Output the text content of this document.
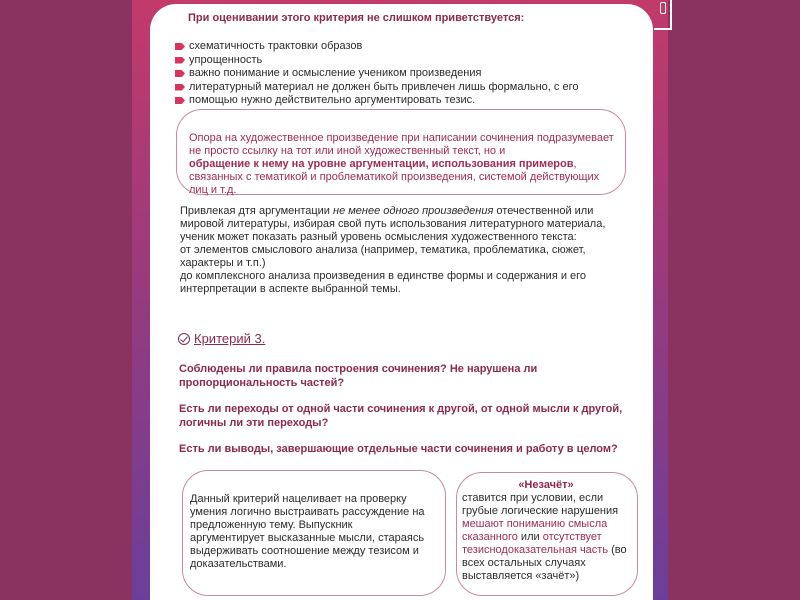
При оценивании этого критерия не слишком приветствуется:
схематичность трактовки образов
упрощенность
важно понимание и осмысление учеником произведения
литературный материал не должен быть привлечен лишь формально, с его
помощью нужно действительно аргументировать тезис.
Опора на художественное произведение при написании сочинения подразумевает не просто ссылку на тот или иной художественный текст, но и
обращение к нему на уровне аргументации, использования примеров, связанных с тематикой и проблематикой произведения, системой действующих лиц и т.д.
Привлекая дтя аргументации не менее одного произведения отечественной или мировой литературы, избирая свой путь использования литературного материала, ученик может показать разный уровень осмысления художественного текста:
от элементов смыслового анализа (например, тематика, проблематика, сюжет, характеры и т.п.)
до комплексного анализа произведения в единстве формы и содержания и его интерпретации в аспекте выбранной темы.
Критерий 3.
Соблюдены ли правила построения сочинения? Не нарушена ли пропорциональность частей?
Есть ли переходы от одной части сочинения к другой, от одной мысли к другой, логичны ли эти переходы?
Есть ли выводы, завершающие отдельные части сочинения и работу в целом?
Данный критерий нацеливает на проверку умения логично выстраивать рассуждение на предложенную тему. Выпускник аргументирует высказанные мысли, стараясь выдерживать соотношение между тезисом и доказательствами.
«Незачёт»
ставится при условии, если грубые логические нарушения мешают пониманию смысла сказанного или отсутствует тезиснодоказательная часть (во всех остальных случаях выставляется «зачёт»)
